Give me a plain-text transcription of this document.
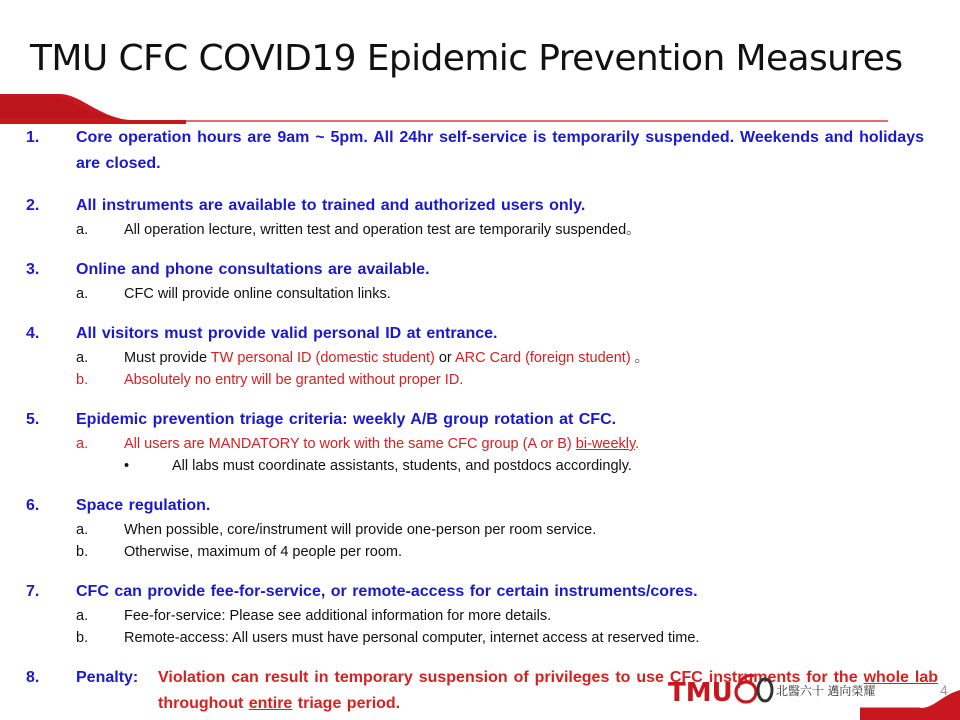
TMU CFC COVID19 Epidemic Prevention Measures
1.	Core operation hours are 9am ~ 5pm. All 24hr self-service is temporarily suspended. Weekends and holidays are closed.
2.	All instruments are available to trained and authorized users only.
a. All operation lecture, written test and operation test are temporarily suspended。
3.	Online and phone consultations are available.
a. CFC will provide online consultation links.
4.	All visitors must provide valid personal ID at entrance.
a. Must provide TW personal ID (domestic student) or ARC Card (foreign student) 。
b. Absolutely no entry will be granted without proper ID.
5.	Epidemic prevention triage criteria: weekly A/B group rotation at CFC.
a. All users are MANDATORY to work with the same CFC group (A or B) bi-weekly.
•	All labs must coordinate assistants, students, and postdocs accordingly.
6.	Space regulation.
a. When possible, core/instrument will provide one-person per room service.
b. Otherwise, maximum of 4 people per room.
7.	CFC can provide fee-for-service, or remote-access for certain instruments/cores.
a. Fee-for-service: Please see additional information for more details.
b. Remote-access: All users must have personal computer, internet access at reserved time.
8.	Penalty: Violation can result in temporary suspension of privileges to use CFC instruments for the whole lab throughout entire triage period.	TMU	北醫六十 邁向榮耀	4
